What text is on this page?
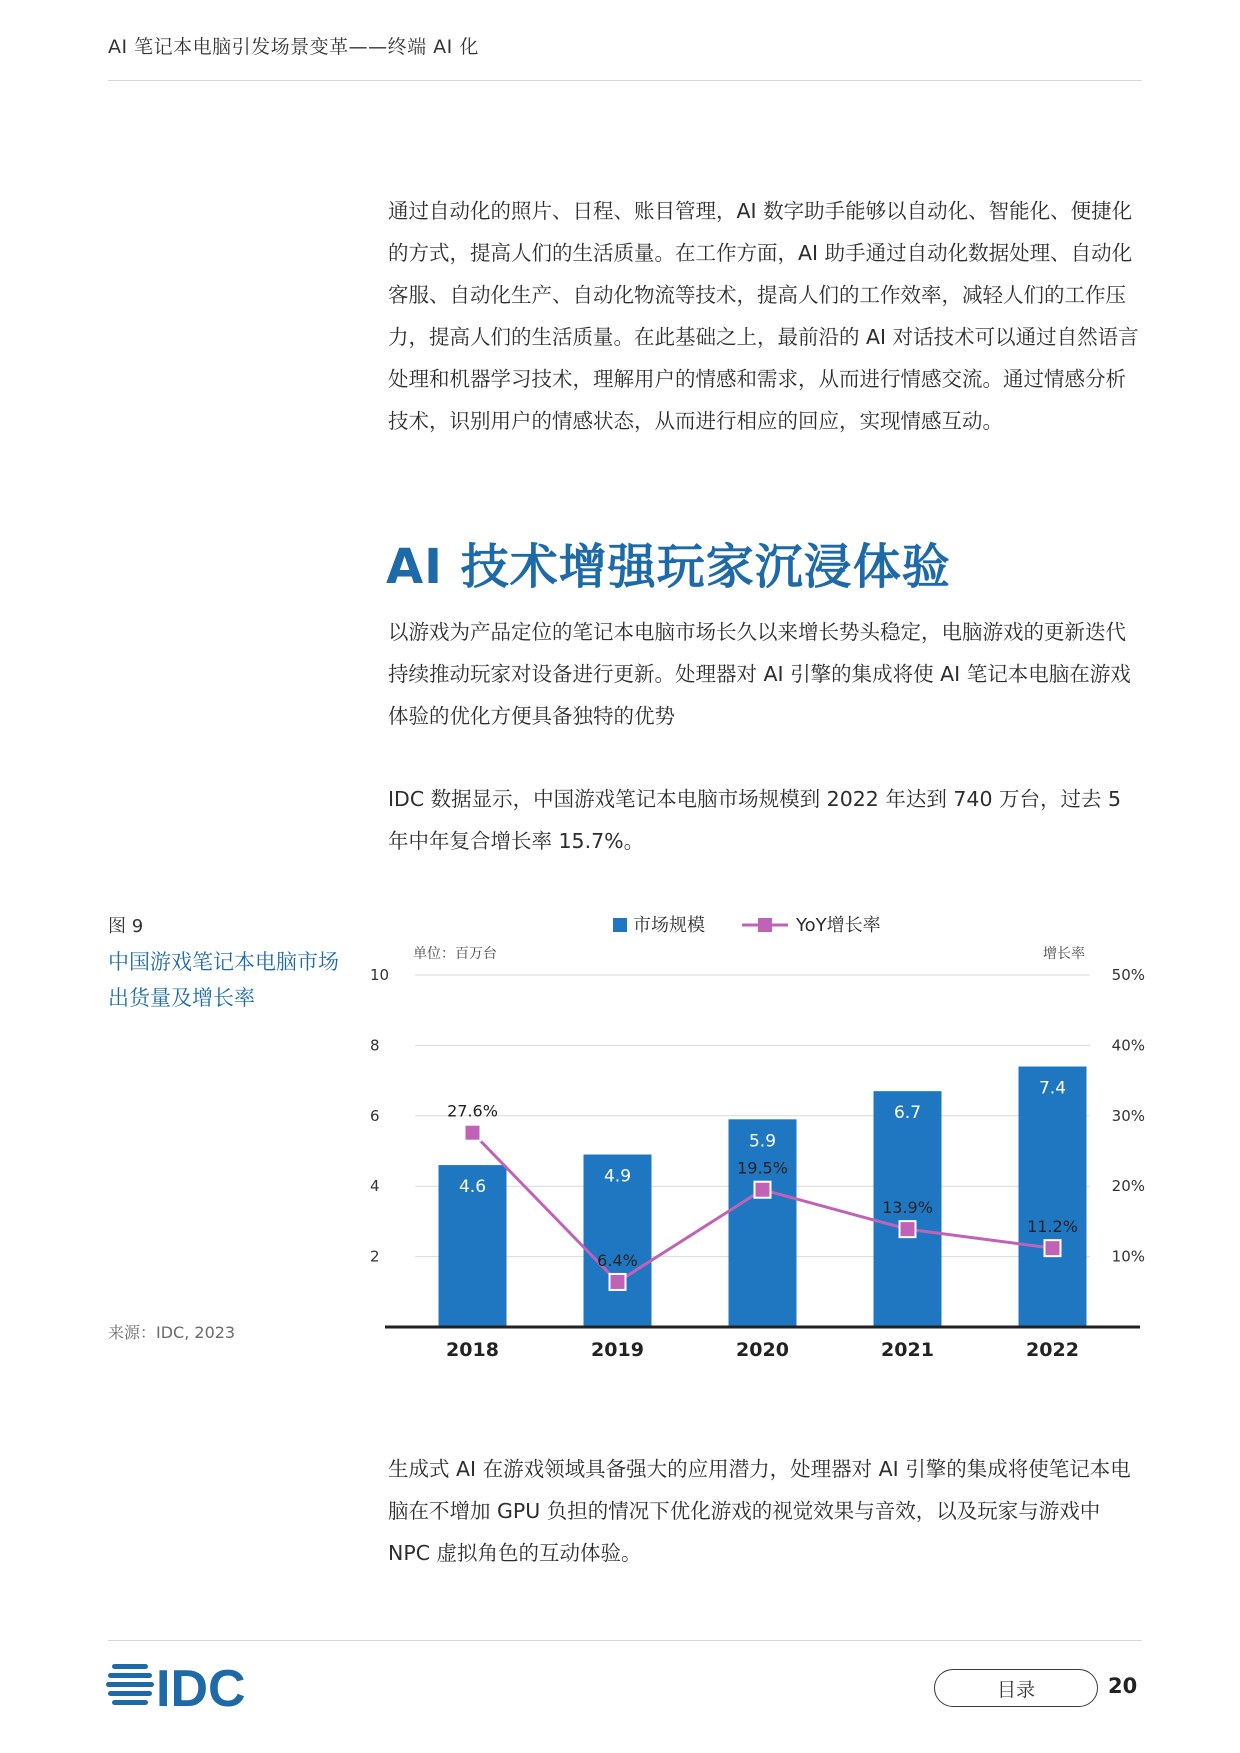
AI 笔记本电脑引发场景变革——终端 AI 化

通过自动化的照片、日程、账目管理，AI 数字助手能够以自动化、智能化、便捷化的方式，提高人们的生活质量。在工作方面，AI 助手通过自动化数据处理、自动化客服、自动化生产、自动化物流等技术，提高人们的工作效率，减轻人们的工作压力，提高人们的生活质量。在此基础之上，最前沿的 AI 对话技术可以通过自然语言处理和机器学习技术，理解用户的情感和需求，从而进行情感交流。通过情感分析技术，识别用户的情感状态，从而进行相应的回应，实现情感互动。

AI 技术增强玩家沉浸体验

以游戏为产品定位的笔记本电脑市场长久以来增长势头稳定，电脑游戏的更新迭代持续推动玩家对设备进行更新。处理器对 AI 引擎的集成将使 AI 笔记本电脑在游戏体验的优化方便具备独特的优势

IDC 数据显示，中国游戏笔记本电脑市场规模到 2022 年达到 740 万台，过去 5 年中年复合增长率 15.7%。

图 9
中国游戏笔记本电脑市场出货量及增长率
来源：IDC, 2023
市场规模	YoY增长率
单位：百万台	增长率
2
4
6
8
10
10%
20%
30%
40%
50%
4.6
4.9
5.9
6.7
7.4
27.6%
6.4%
19.5%
13.9%
11.2%
2018	2019	2020	2021	2022

生成式 AI 在游戏领域具备强大的应用潜力，处理器对 AI 引擎的集成将使笔记本电脑在不增加 GPU 负担的情况下优化游戏的视觉效果与音效，以及玩家与游戏中 NPC 虚拟角色的互动体验。

IDC	目录	20
